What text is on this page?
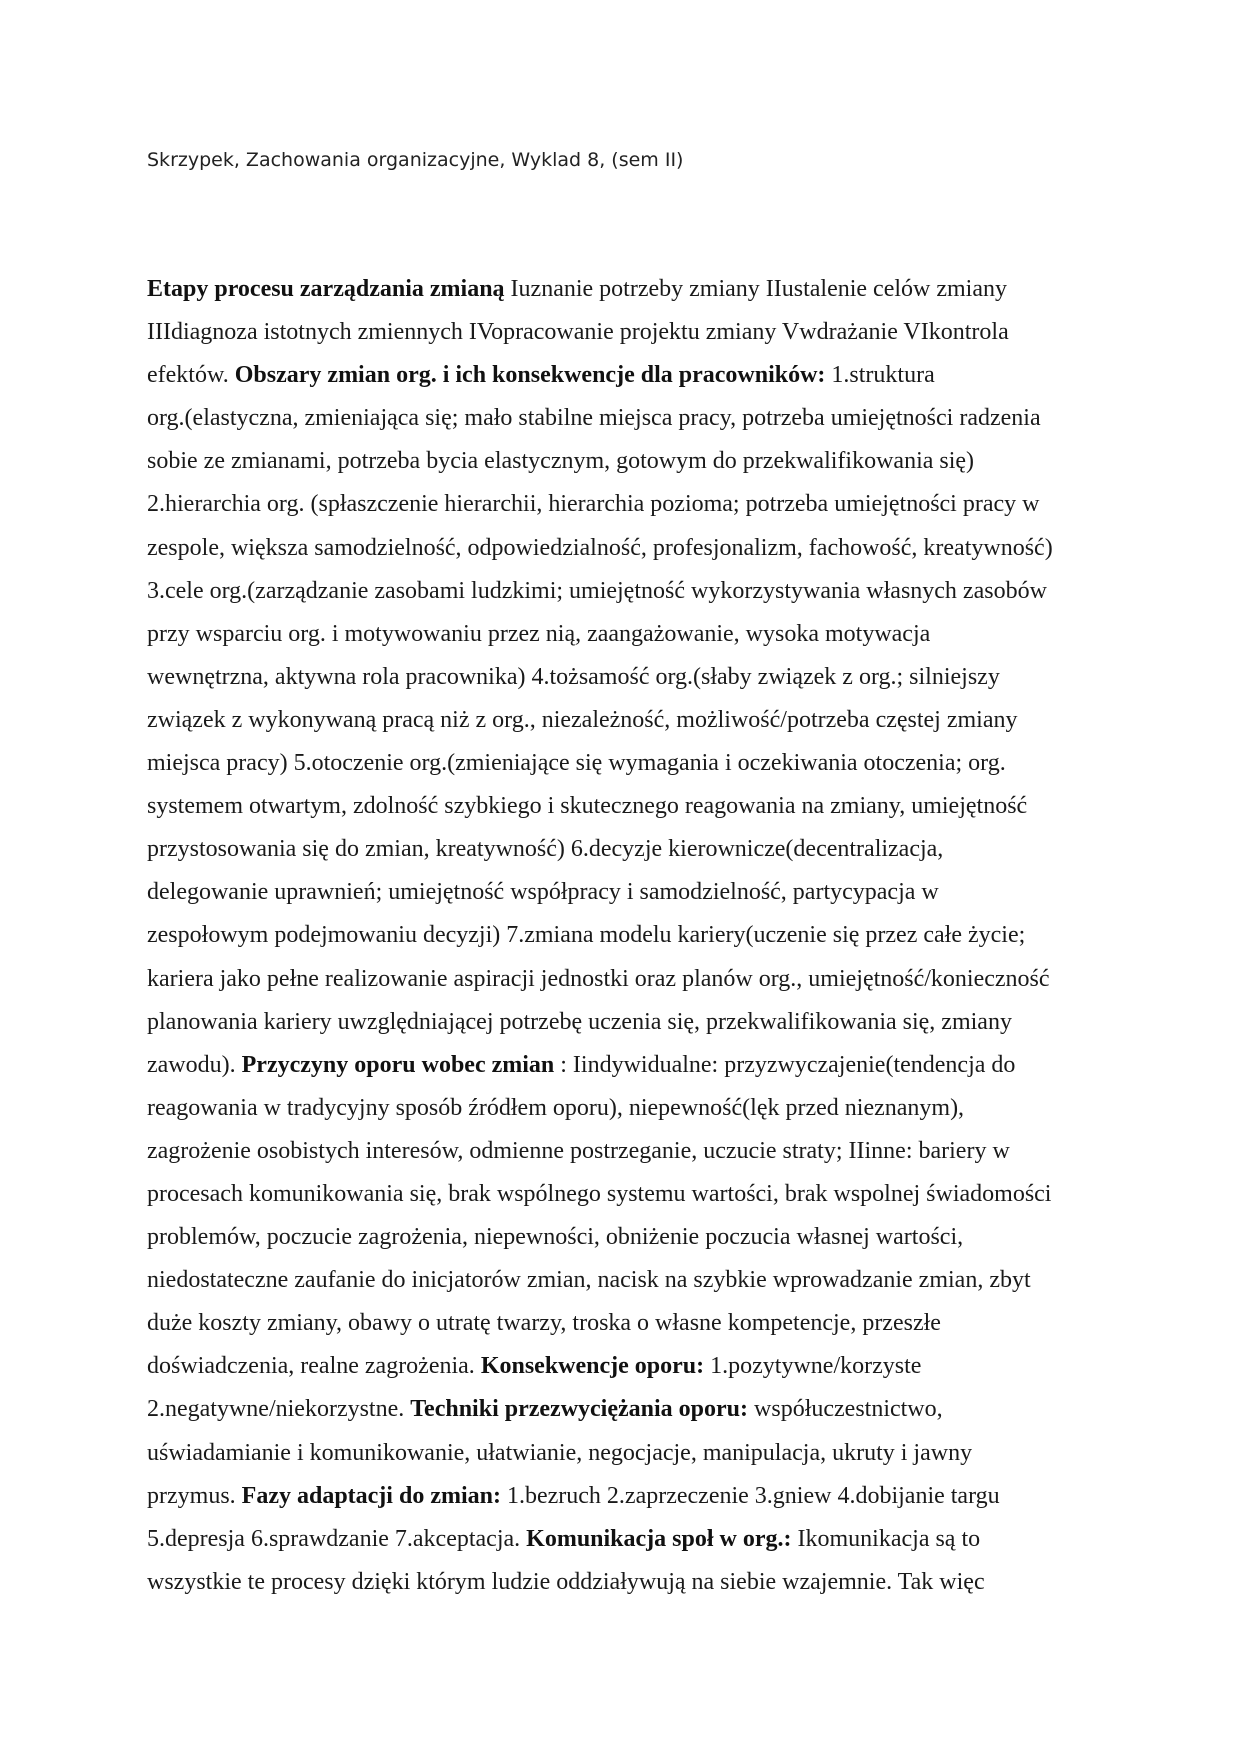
Skrzypek, Zachowania organizacyjne, Wyklad 8, (sem II)
Etapy procesu zarządzania zmianą Iuznanie potrzeby zmiany IIustalenie celów zmiany
IIIdiagnoza istotnych zmiennych IVopracowanie projektu zmiany Vwdrażanie VIkontrola
efektów. Obszary zmian org. i ich konsekwencje dla pracowników: 1.struktura
org.(elastyczna, zmieniająca się; mało stabilne miejsca pracy, potrzeba umiejętności radzenia
sobie ze zmianami, potrzeba bycia elastycznym, gotowym do przekwalifikowania się)
2.hierarchia org. (spłaszczenie hierarchii, hierarchia pozioma; potrzeba umiejętności pracy w
zespole, większa samodzielność, odpowiedzialność, profesjonalizm, fachowość, kreatywność)
3.cele org.(zarządzanie zasobami ludzkimi; umiejętność wykorzystywania własnych zasobów
przy wsparciu org. i motywowaniu przez nią, zaangażowanie, wysoka motywacja
wewnętrzna, aktywna rola pracownika) 4.tożsamość org.(słaby związek z org.; silniejszy
związek z wykonywaną pracą niż z org., niezależność, możliwość/potrzeba częstej zmiany
miejsca pracy) 5.otoczenie org.(zmieniające się wymagania i oczekiwania otoczenia; org.
systemem otwartym, zdolność szybkiego i skutecznego reagowania na zmiany, umiejętność
przystosowania się do zmian, kreatywność) 6.decyzje kierownicze(decentralizacja,
delegowanie uprawnień; umiejętność współpracy i samodzielność, partycypacja w
zespołowym podejmowaniu decyzji) 7.zmiana modelu kariery(uczenie się przez całe życie;
kariera jako pełne realizowanie aspiracji jednostki oraz planów org., umiejętność/konieczność
planowania kariery uwzględniającej potrzebę uczenia się, przekwalifikowania się, zmiany
zawodu). Przyczyny oporu wobec zmian : Iindywidualne: przyzwyczajenie(tendencja do
reagowania w tradycyjny sposób źródłem oporu), niepewność(lęk przed nieznanym),
zagrożenie osobistych interesów, odmienne postrzeganie, uczucie straty; IIinne: bariery w
procesach komunikowania się, brak wspólnego systemu wartości, brak wspolnej świadomości
problemów, poczucie zagrożenia, niepewności, obniżenie poczucia własnej wartości,
niedostateczne zaufanie do inicjatorów zmian, nacisk na szybkie wprowadzanie zmian, zbyt
duże koszty zmiany, obawy o utratę twarzy, troska o własne kompetencje, przeszłe
doświadczenia, realne zagrożenia. Konsekwencje oporu: 1.pozytywne/korzyste
2.negatywne/niekorzystne. Techniki przezwyciężania oporu: współuczestnictwo,
uświadamianie i komunikowanie, ułatwianie, negocjacje, manipulacja, ukruty i jawny
przymus. Fazy adaptacji do zmian: 1.bezruch 2.zaprzeczenie 3.gniew 4.dobijanie targu
5.depresja 6.sprawdzanie 7.akceptacja. Komunikacja społ w org.: Ikomunikacja są to
wszystkie te procesy dzięki którym ludzie oddziaływują na siebie wzajemnie. Tak więc
